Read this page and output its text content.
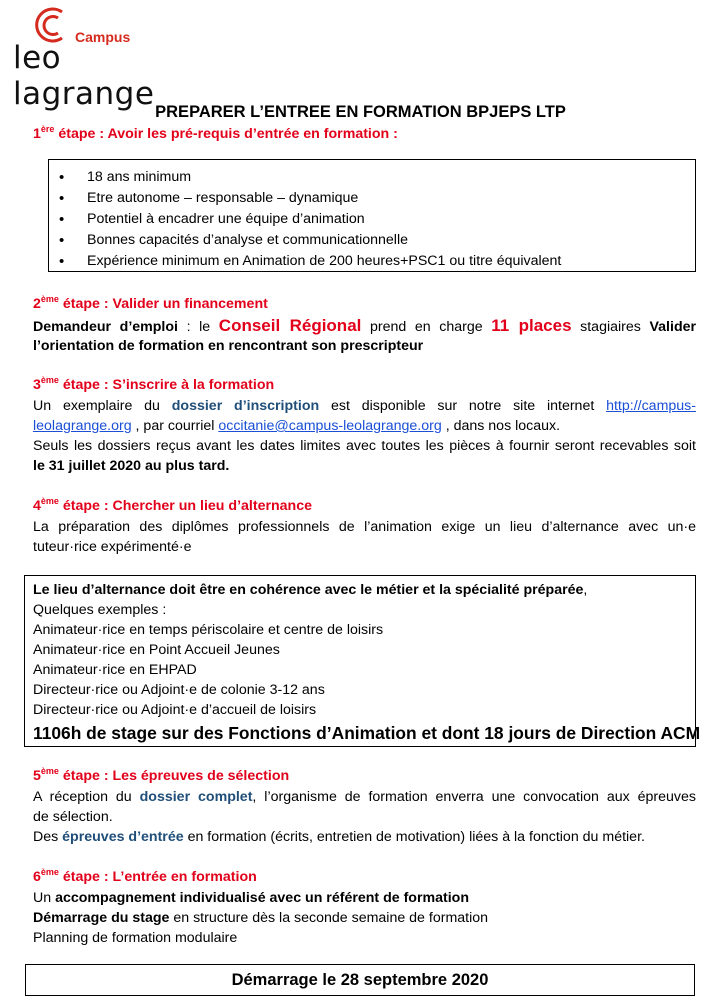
Campus
leo lagrange PREPARER L’ENTREE EN FORMATION BPJEPS LTP
1ère étape : Avoir les pré-requis d’entrée en formation :
• 18 ans minimum
• Etre autonome – responsable – dynamique
• Potentiel à encadrer une équipe d’animation
• Bonnes capacités d’analyse et communicationnelle
• Expérience minimum en Animation de 200 heures+PSC1 ou titre équivalent
2ème étape : Valider un financement
Demandeur d’emploi : le Conseil Régional prend en charge 11 places stagiaires Valider
l’orientation de formation en rencontrant son prescripteur
3ème étape : S’inscrire à la formation
Un exemplaire du dossier d’inscription est disponible sur notre site internet http://campus-
leolagrange.org , par courriel occitanie@campus-leolagrange.org , dans nos locaux.
Seuls les dossiers reçus avant les dates limites avec toutes les pièces à fournir seront recevables soit
le 31 juillet 2020 au plus tard.
4ème étape : Chercher un lieu d’alternance
La préparation des diplômes professionnels de l’animation exige un lieu d’alternance avec un·e
tuteur·rice expérimenté·e
Le lieu d’alternance doit être en cohérence avec le métier et la spécialité préparée,
Quelques exemples :
Animateur·rice en temps périscolaire et centre de loisirs
Animateur·rice en Point Accueil Jeunes
Animateur·rice en EHPAD
Directeur·rice ou Adjoint·e de colonie 3-12 ans
Directeur·rice ou Adjoint·e d’accueil de loisirs
1106h de stage sur des Fonctions d’Animation et dont 18 jours de Direction ACM
5ème étape : Les épreuves de sélection
A réception du dossier complet, l’organisme de formation enverra une convocation aux épreuves
de sélection.
Des épreuves d’entrée en formation (écrits, entretien de motivation) liées à la fonction du métier.
6ème étape : L’entrée en formation
Un accompagnement individualisé avec un référent de formation
Démarrage du stage en structure dès la seconde semaine de formation
Planning de formation modulaire
Démarrage le 28 septembre 2020
